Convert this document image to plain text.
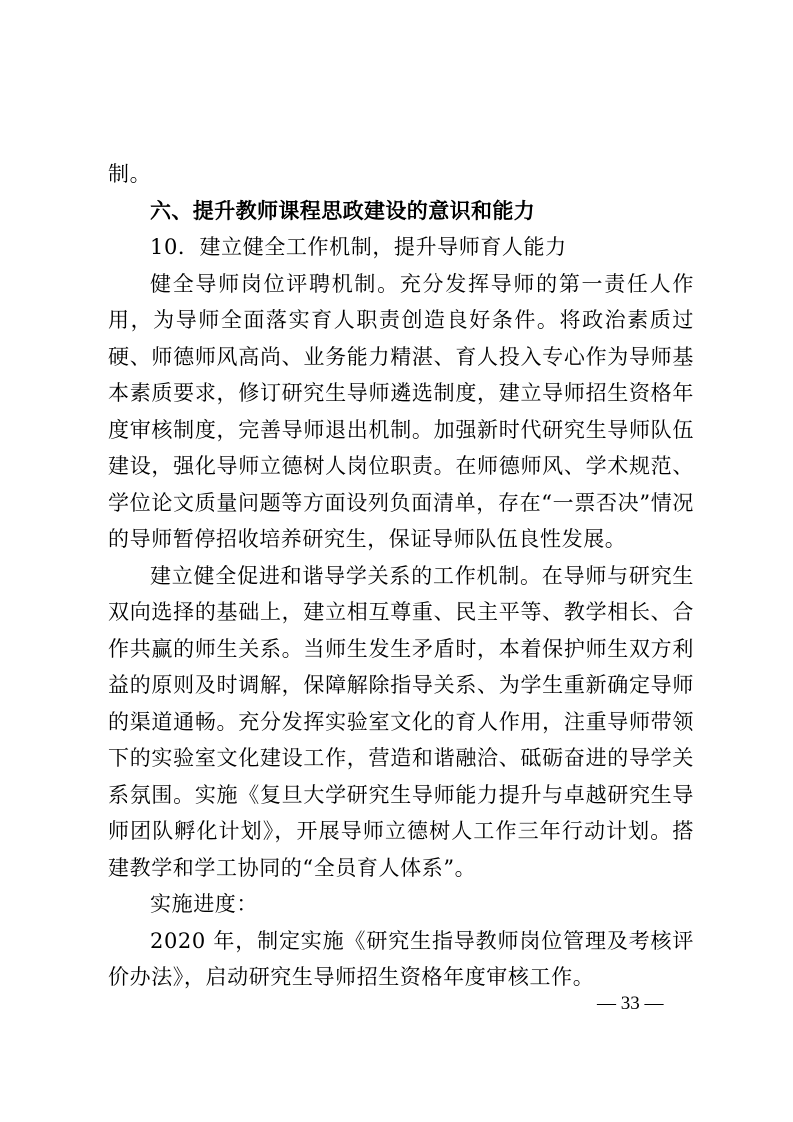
制。

六、提升教师课程思政建设的意识和能力

10．建立健全工作机制，提升导师育人能力

健全导师岗位评聘机制。充分发挥导师的第一责任人作用，为导师全面落实育人职责创造良好条件。将政治素质过硬、师德师风高尚、业务能力精湛、育人投入专心作为导师基本素质要求，修订研究生导师遴选制度，建立导师招生资格年度审核制度，完善导师退出机制。加强新时代研究生导师队伍建设，强化导师立德树人岗位职责。在师德师风、学术规范、学位论文质量问题等方面设列负面清单，存在“一票否决”情况的导师暂停招收培养研究生，保证导师队伍良性发展。

建立健全促进和谐导学关系的工作机制。在导师与研究生双向选择的基础上，建立相互尊重、民主平等、教学相长、合作共赢的师生关系。当师生发生矛盾时，本着保护师生双方利益的原则及时调解，保障解除指导关系、为学生重新确定导师的渠道通畅。充分发挥实验室文化的育人作用，注重导师带领下的实验室文化建设工作，营造和谐融洽、砥砺奋进的导学关系氛围。实施《复旦大学研究生导师能力提升与卓越研究生导师团队孵化计划》，开展导师立德树人工作三年行动计划。搭建教学和学工协同的“全员育人体系”。

实施进度：

2020 年，制定实施《研究生指导教师岗位管理及考核评价办法》，启动研究生导师招生资格年度审核工作。

— 33 —
